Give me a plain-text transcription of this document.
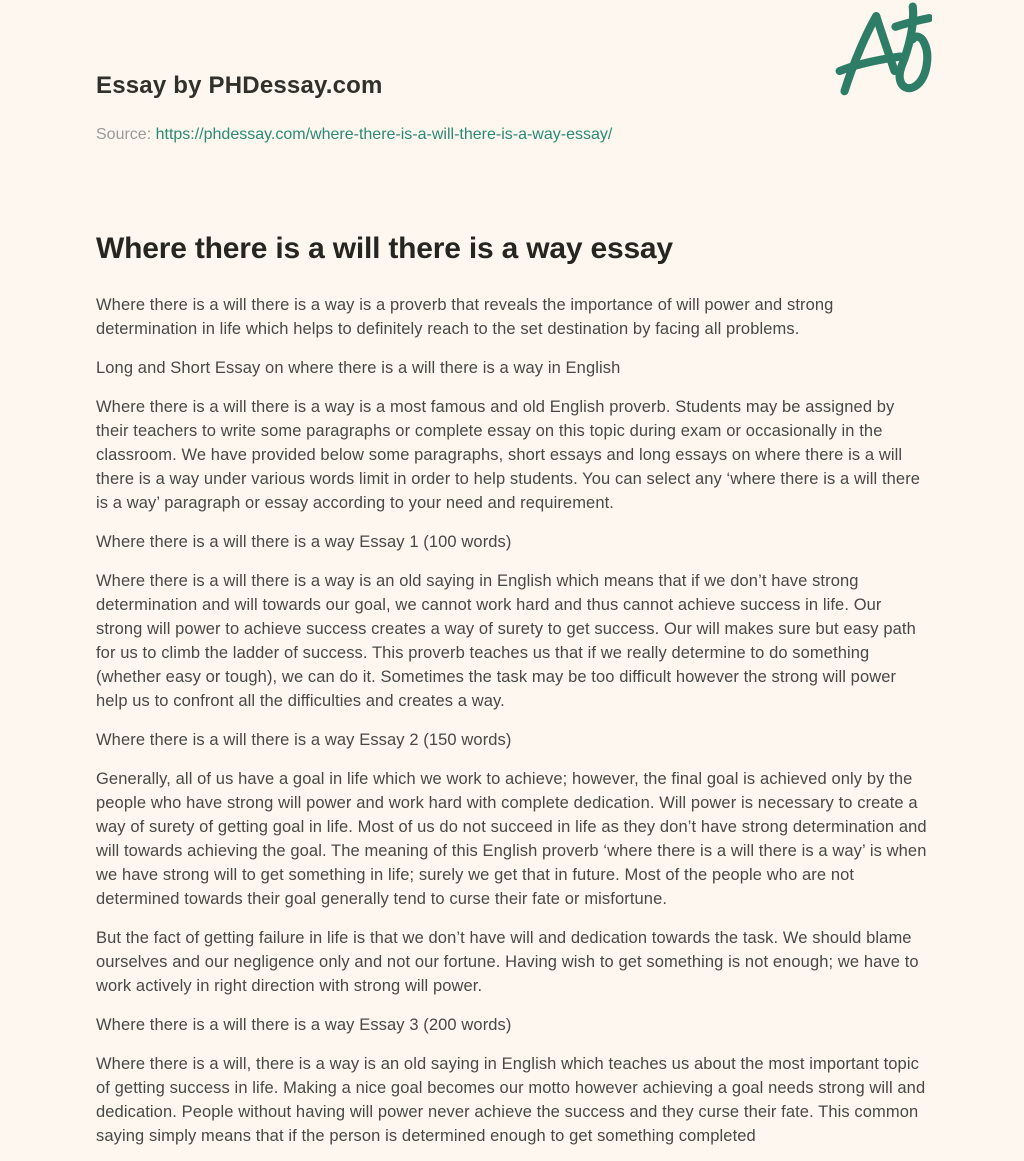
Essay by PHDessay.com
Source: https://phdessay.com/where-there-is-a-will-there-is-a-way-essay/
Where there is a will there is a way essay

Where there is a will there is a way is a proverb that reveals the importance of will power and strong determination in life which helps to definitely reach to the set destination by facing all problems.

Long and Short Essay on where there is a will there is a way in English

Where there is a will there is a way is a most famous and old English proverb. Students may be assigned by their teachers to write some paragraphs or complete essay on this topic during exam or occasionally in the classroom. We have provided below some paragraphs, short essays and long essays on where there is a will there is a way under various words limit in order to help students. You can select any ‘where there is a will there is a way’ paragraph or essay according to your need and requirement.

Where there is a will there is a way Essay 1 (100 words)

Where there is a will there is a way is an old saying in English which means that if we don’t have strong determination and will towards our goal, we cannot work hard and thus cannot achieve success in life. Our strong will power to achieve success creates a way of surety to get success. Our will makes sure but easy path for us to climb the ladder of success. This proverb teaches us that if we really determine to do something (whether easy or tough), we can do it. Sometimes the task may be too difficult however the strong will power help us to confront all the difficulties and creates a way.

Where there is a will there is a way Essay 2 (150 words)

Generally, all of us have a goal in life which we work to achieve; however, the final goal is achieved only by the people who have strong will power and work hard with complete dedication. Will power is necessary to create a way of surety of getting goal in life. Most of us do not succeed in life as they don’t have strong determination and will towards achieving the goal. The meaning of this English proverb ‘where there is a will there is a way’ is when we have strong will to get something in life; surely we get that in future. Most of the people who are not determined towards their goal generally tend to curse their fate or misfortune.

But the fact of getting failure in life is that we don’t have will and dedication towards the task. We should blame ourselves and our negligence only and not our fortune. Having wish to get something is not enough; we have to work actively in right direction with strong will power.

Where there is a will there is a way Essay 3 (200 words)

Where there is a will, there is a way is an old saying in English which teaches us about the most important topic of getting success in life. Making a nice goal becomes our motto however achieving a goal needs strong will and dedication. People without having will power never achieve the success and they curse their fate. This common saying simply means that if the person is determined enough to get something completed
